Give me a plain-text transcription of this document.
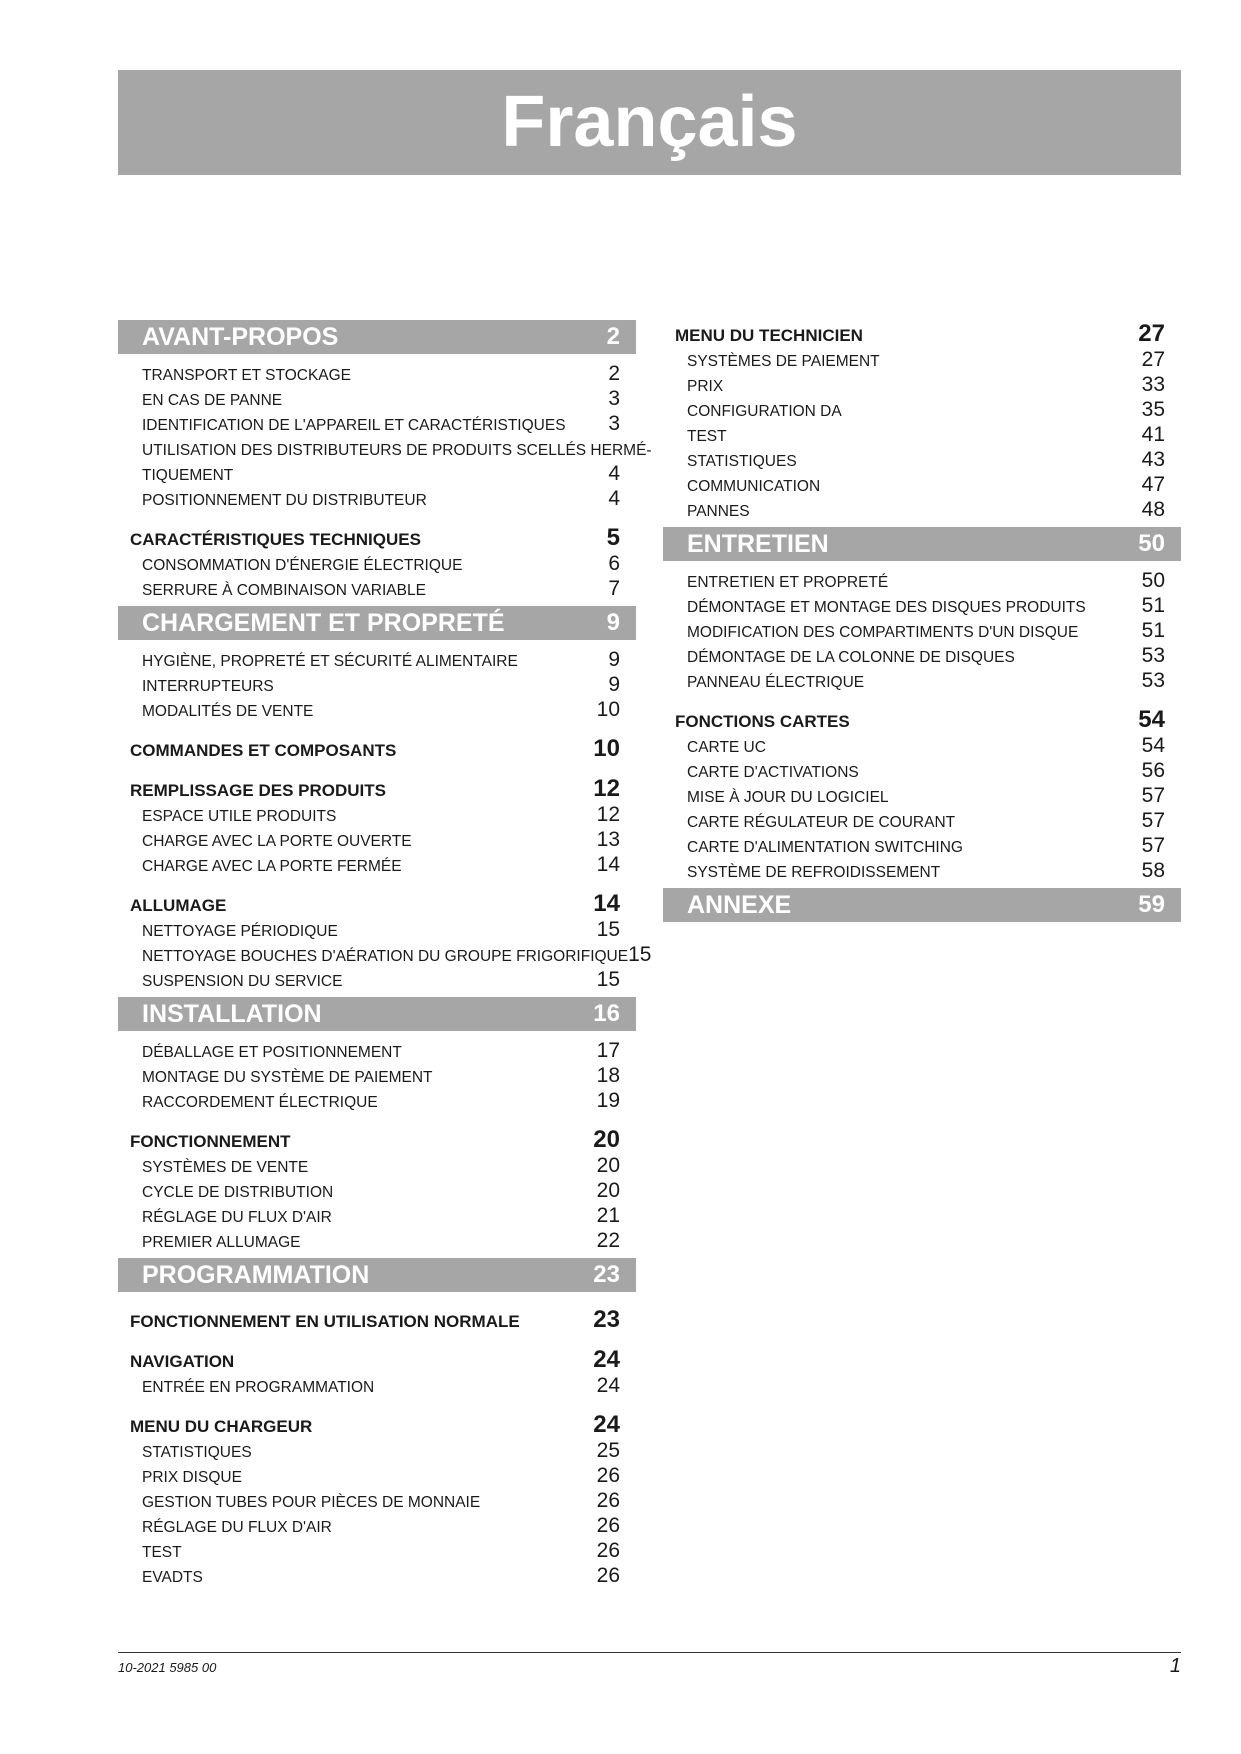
Français
AVANT-PROPOS	2
TRANSPORT ET STOCKAGE	2
EN CAS DE PANNE	3
IDENTIFICATION DE L'APPAREIL ET CARACTÉRISTIQUES 3
UTILISATION DES DISTRIBUTEURS DE PRODUITS SCELLÉS HERMÉ-
TIQUEMENT	4
POSITIONNEMENT DU DISTRIBUTEUR	4
CARACTÉRISTIQUES TECHNIQUES	5
CONSOMMATION D'ÉNERGIE ÉLECTRIQUE	6
SERRURE À COMBINAISON VARIABLE	7
CHARGEMENT ET PROPRETÉ	9
HYGIÈNE, PROPRETÉ ET SÉCURITÉ ALIMENTAIRE	9
INTERRUPTEURS	9
MODALITÉS DE VENTE	10
COMMANDES ET COMPOSANTS	10
REMPLISSAGE DES PRODUITS	12
ESPACE UTILE PRODUITS	12
CHARGE AVEC LA PORTE OUVERTE	13
CHARGE AVEC LA PORTE FERMÉE	14
ALLUMAGE	14
NETTOYAGE PÉRIODIQUE	15
NETTOYAGE BOUCHES D'AÉRATION DU GROUPE FRIGORIFIQUE 15
SUSPENSION DU SERVICE	15
INSTALLATION	16
DÉBALLAGE ET POSITIONNEMENT	17
MONTAGE DU SYSTÈME DE PAIEMENT	18
RACCORDEMENT ÉLECTRIQUE	19
FONCTIONNEMENT	20
SYSTÈMES DE VENTE	20
CYCLE DE DISTRIBUTION	20
RÉGLAGE DU FLUX D'AIR	21
PREMIER ALLUMAGE	22
PROGRAMMATION	23
FONCTIONNEMENT EN UTILISATION NORMALE	23
NAVIGATION	24
ENTRÉE EN PROGRAMMATION	24
MENU DU CHARGEUR	24
STATISTIQUES	25
PRIX DISQUE	26
GESTION TUBES POUR PIÈCES DE MONNAIE	26
RÉGLAGE DU FLUX D'AIR	26
TEST	26
EVADTS	26
MENU DU TECHNICIEN	27
SYSTÈMES DE PAIEMENT	27
PRIX	33
CONFIGURATION DA	35
TEST	41
STATISTIQUES	43
COMMUNICATION	47
PANNES	48
ENTRETIEN	50
ENTRETIEN ET PROPRETÉ	50
DÉMONTAGE ET MONTAGE DES DISQUES PRODUITS	51
MODIFICATION DES COMPARTIMENTS D'UN DISQUE	51
DÉMONTAGE DE LA COLONNE DE DISQUES	53
PANNEAU ÉLECTRIQUE	53
FONCTIONS CARTES	54
CARTE UC	54
CARTE D'ACTIVATIONS	56
MISE À JOUR DU LOGICIEL	57
CARTE RÉGULATEUR DE COURANT	57
CARTE D'ALIMENTATION SWITCHING	57
SYSTÈME DE REFROIDISSEMENT	58
ANNEXE	59
10-2021 5985 00	1
